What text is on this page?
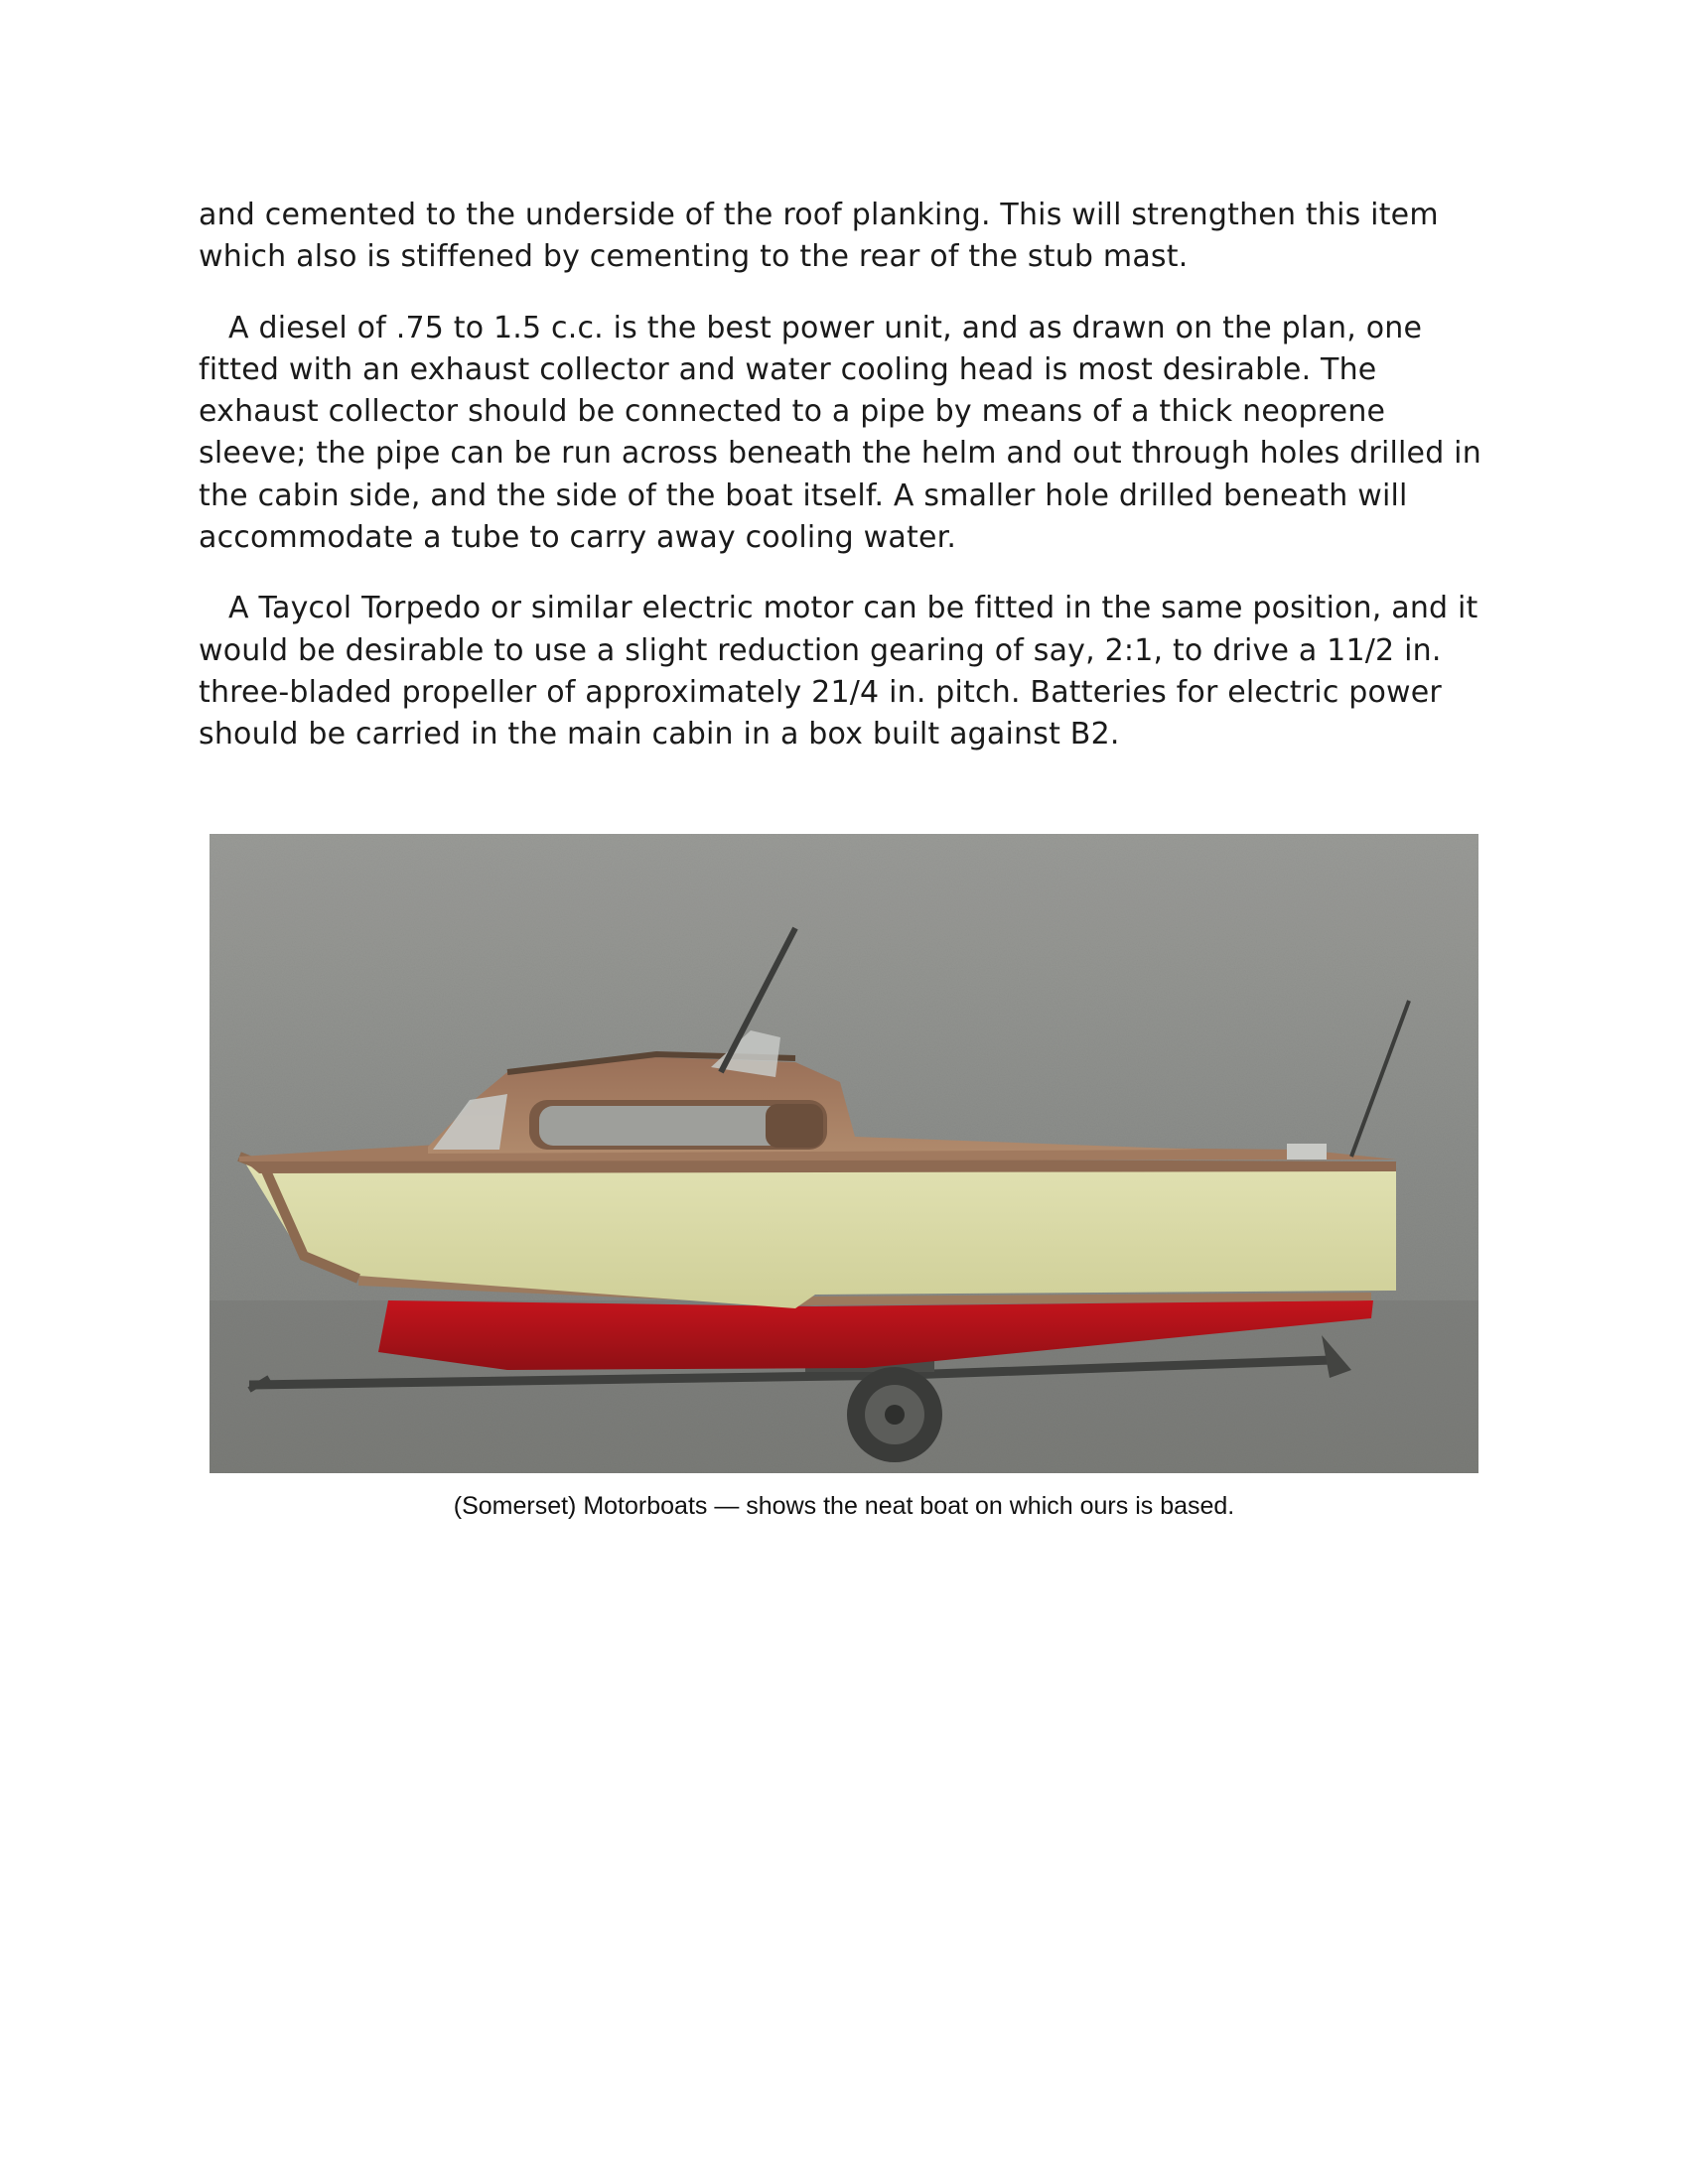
and cemented to the underside of the roof planking. This will strengthen this item which also is stiffened by cementing to the rear of the stub mast.

A diesel of .75 to 1.5 c.c. is the best power unit, and as drawn on the plan, one fitted with an exhaust collector and water cooling head is most desirable. The exhaust collector should be connected to a pipe by means of a thick neoprene sleeve; the pipe can be run across beneath the helm and out through holes drilled in the cabin side, and the side of the boat itself. A smaller hole drilled beneath will accommodate a tube to carry away cooling water.

A Taycol Torpedo or similar electric motor can be fitted in the same position, and it would be desirable to use a slight reduction gearing of say, 2:1, to drive a 11/2 in. three-bladed propeller of approximately 21/4 in. pitch. Batteries for electric power should be carried in the main cabin in a box built against B2.

(Somerset) Motorboats — shows the neat boat on which ours is based.
